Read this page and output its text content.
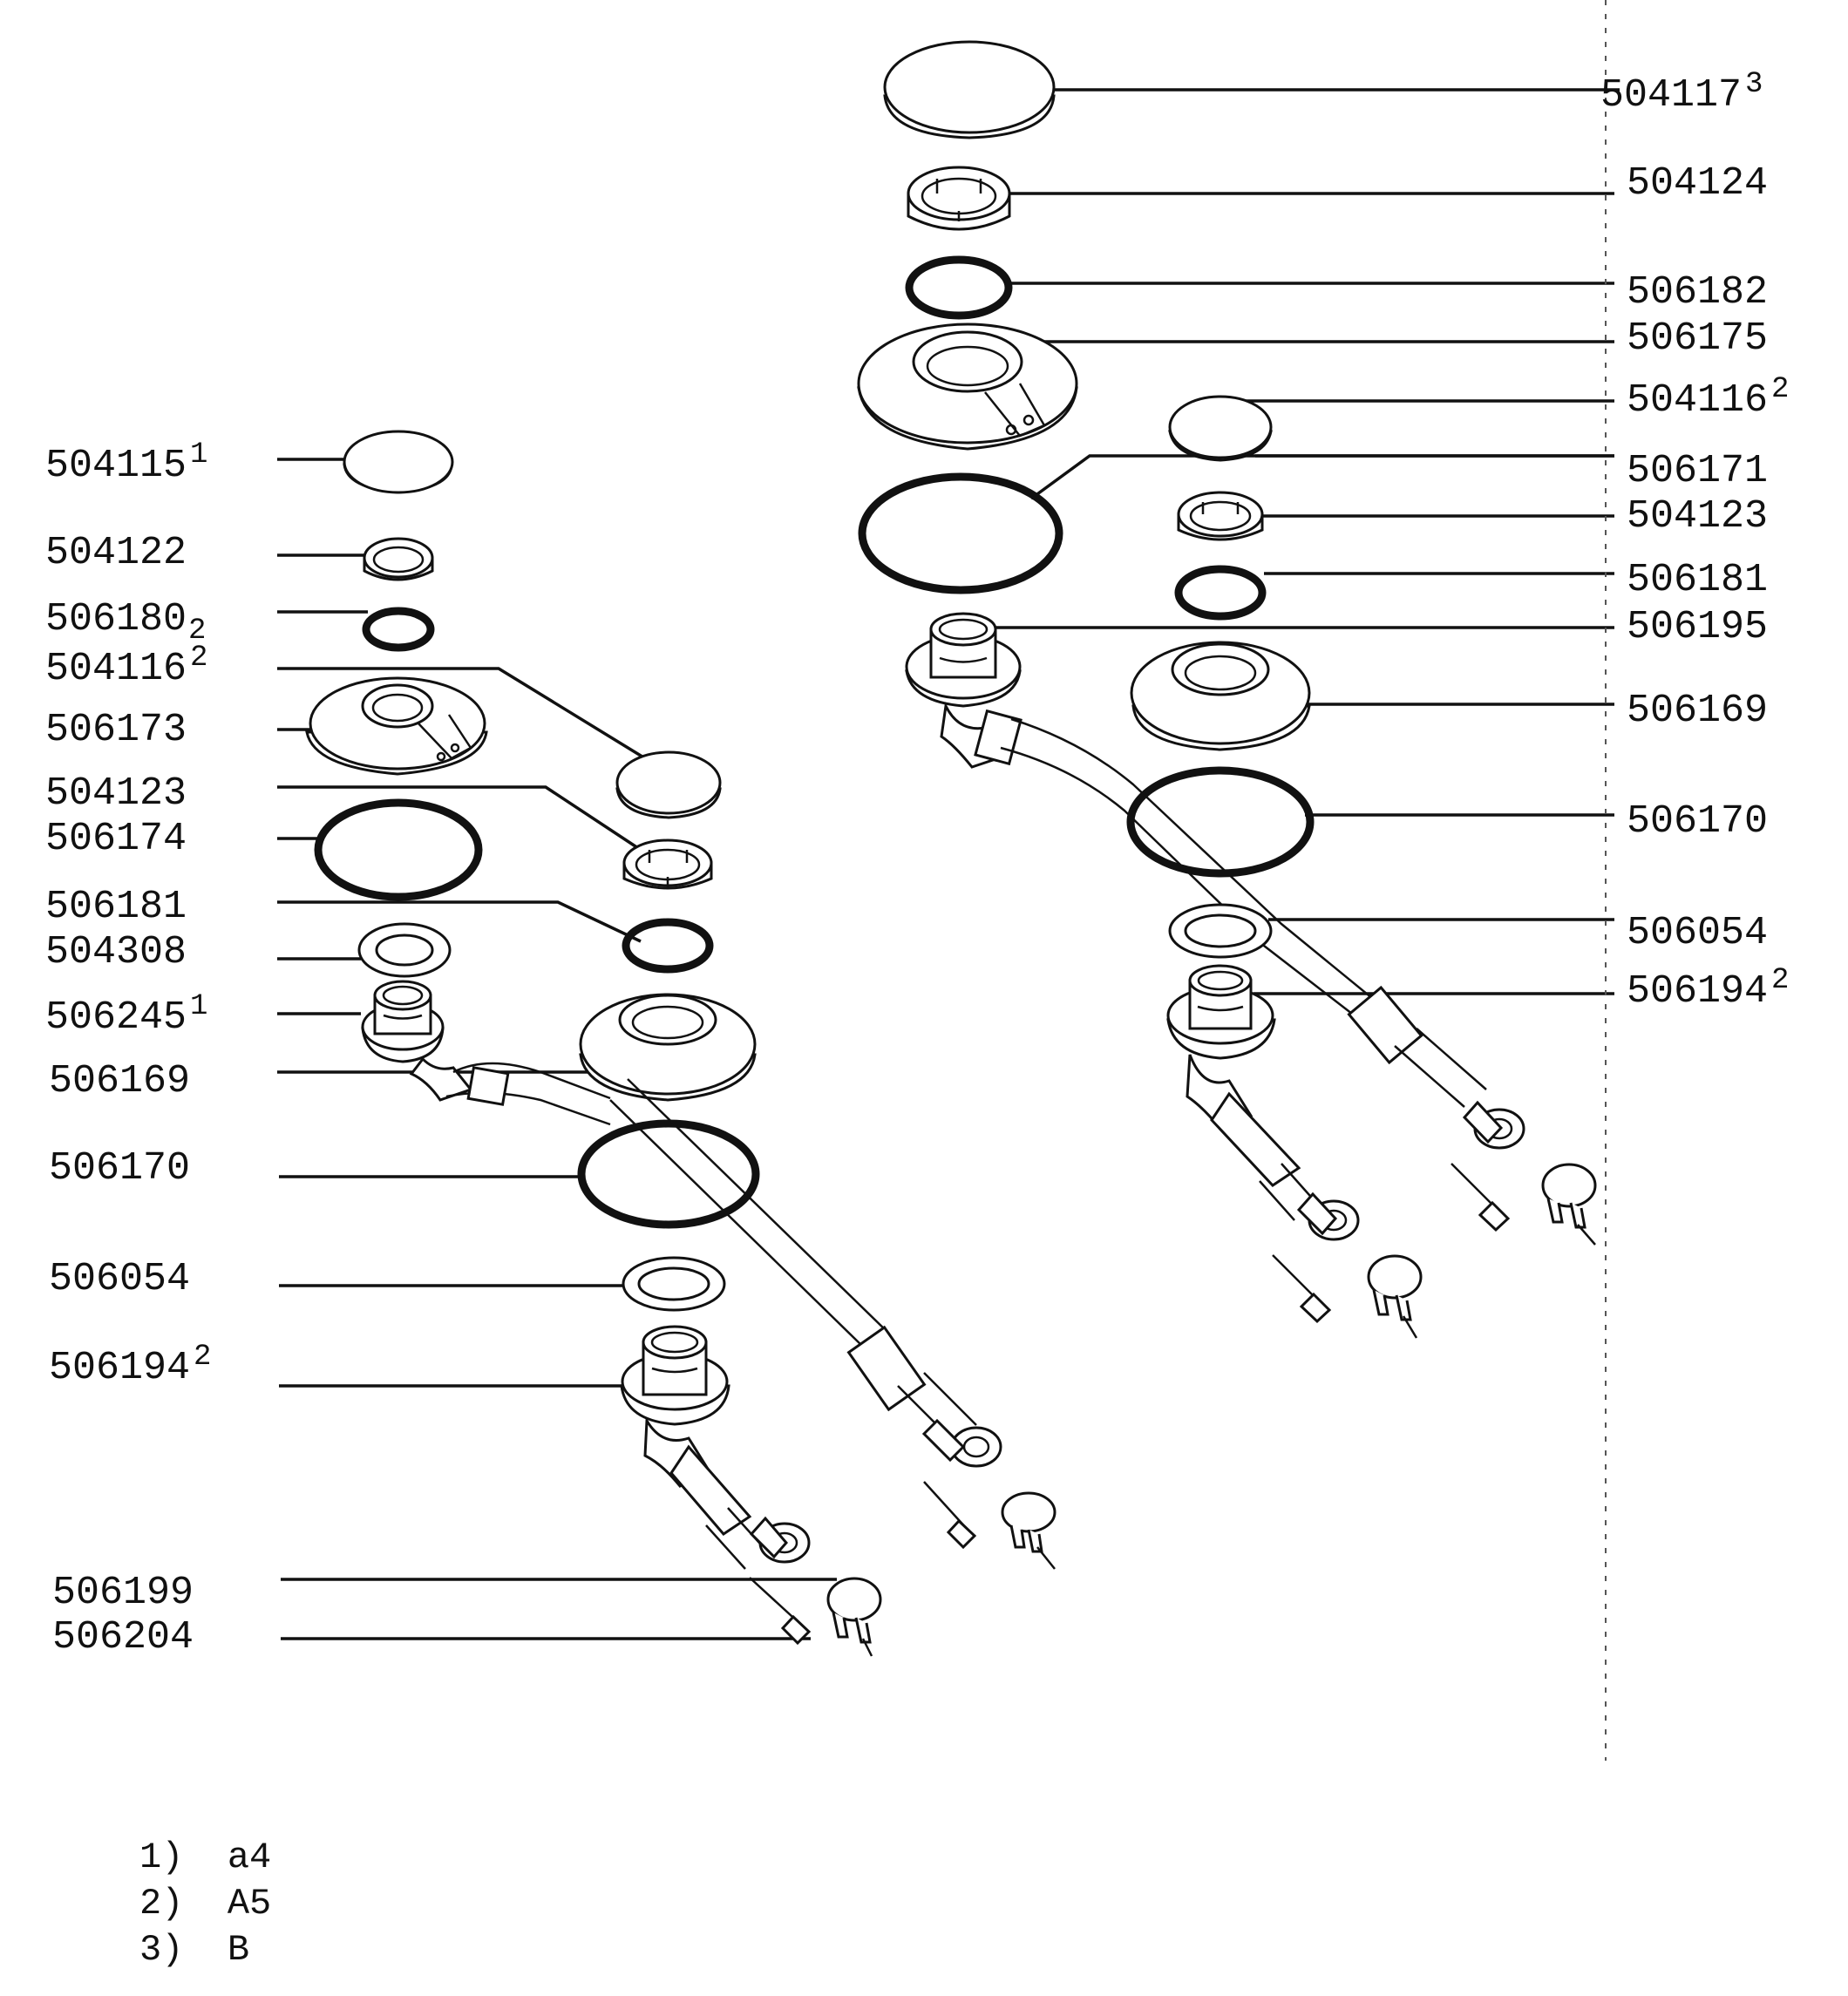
504115 $^1$
504122
$506180_2$
504116 $^2$
506173
504123
506174
506181
504308
506245 $^1$
506169
506170
506054
506194 $^2$
506199
506204
504117 $^3$
504124
506182
506175
504116 $^2$
506171
504123
506181
506195
506169
506170
506054
506194 $^2$
1)  a4
2)  A5
3)  B
